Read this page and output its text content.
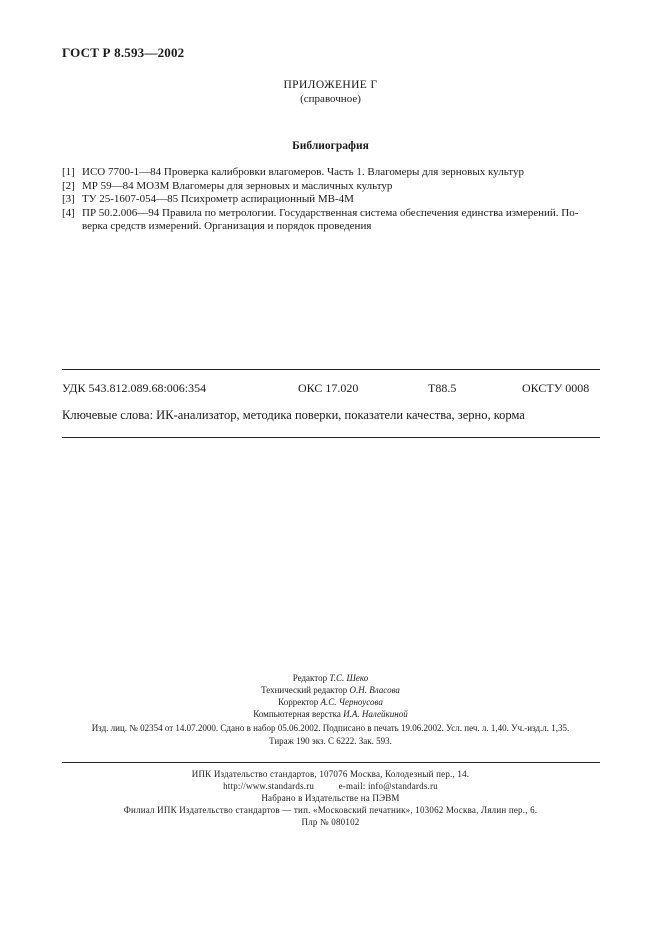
ГОСТ Р 8.593—2002
ПРИЛОЖЕНИЕ Г
(справочное)
Библиография
[1] ИСО 7700-1—84 Проверка калибровки влагомеров. Часть 1. Влагомеры для зерновых культур
[2] МР 59—84 МОЗМ Влагомеры для зерновых и масличных культур
[3] ТУ 25-1607-054—85 Психрометр аспирационный МВ-4М
[4] ПР 50.2.006—94 Правила по метрологии. Государственная система обеспечения единства измерений. По-
верка средств измерений. Организация и порядок проведения
УДК 543.812.089.68:006:354	ОКС 17.020	Т88.5	ОКСТУ 0008
Ключевые слова: ИК-анализатор, методика поверки, показатели качества, зерно, корма
Редактор Т.С. Шеко
Технический редактор О.Н. Власова
Корректор А.С. Черноусова
Компьютерная верстка И.А. Налейкиной
Изд. лиц. № 02354 от 14.07.2000. Сдано в набор 05.06.2002. Подписано в печать 19.06.2002. Усл. печ. л. 1,40. Уч.-изд.л. 1,35.
Тираж 190 экз. С 6222. Зак. 593.
ИПК Издательство стандартов, 107076 Москва, Колодезный пер., 14.
http://www.standards.ru          e-mail: info@standards.ru
Набрано в Издательстве на ПЭВМ
Филиал ИПК Издательство стандартов — тип. «Московский печатник», 103062 Москва, Лялин пер., 6.
Плр № 080102
